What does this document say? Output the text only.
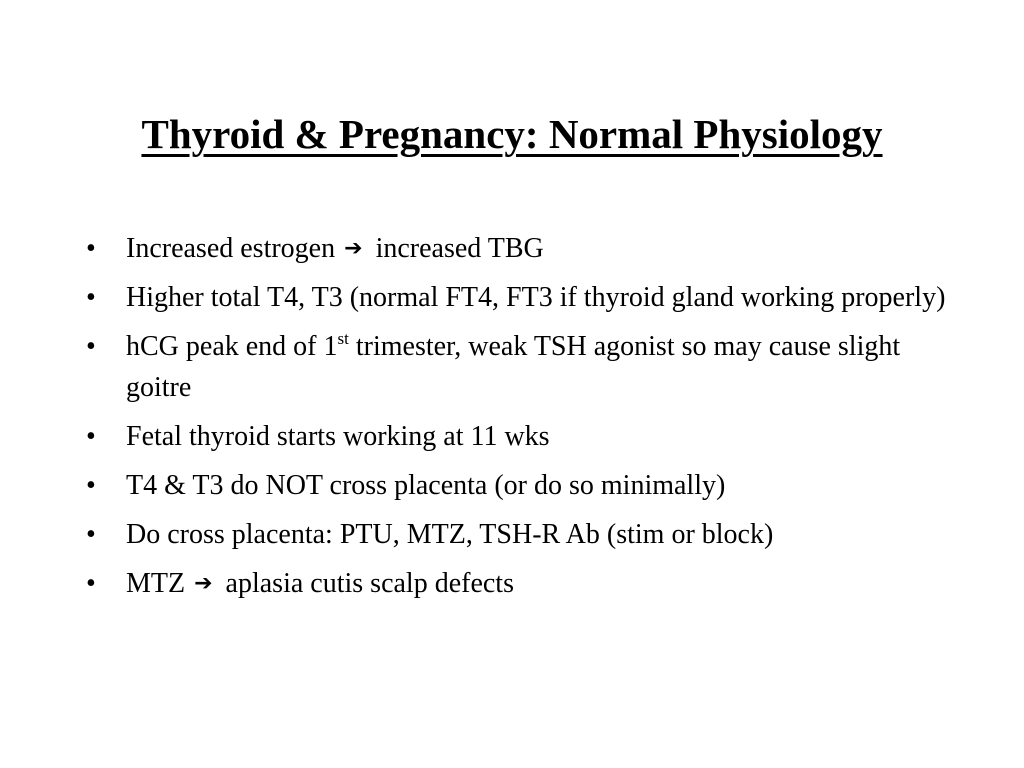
Thyroid & Pregnancy: Normal Physiology
• Increased estrogen ➔ increased TBG
• Higher total T4, T3 (normal FT4, FT3 if thyroid gland working properly)
• hCG peak end of 1st trimester, weak TSH agonist so may cause slight goitre
• Fetal thyroid starts working at 11 wks
• T4 & T3 do NOT cross placenta (or do so minimally)
• Do cross placenta: PTU, MTZ, TSH-R Ab (stim or block)
• MTZ ➔ aplasia cutis scalp defects
